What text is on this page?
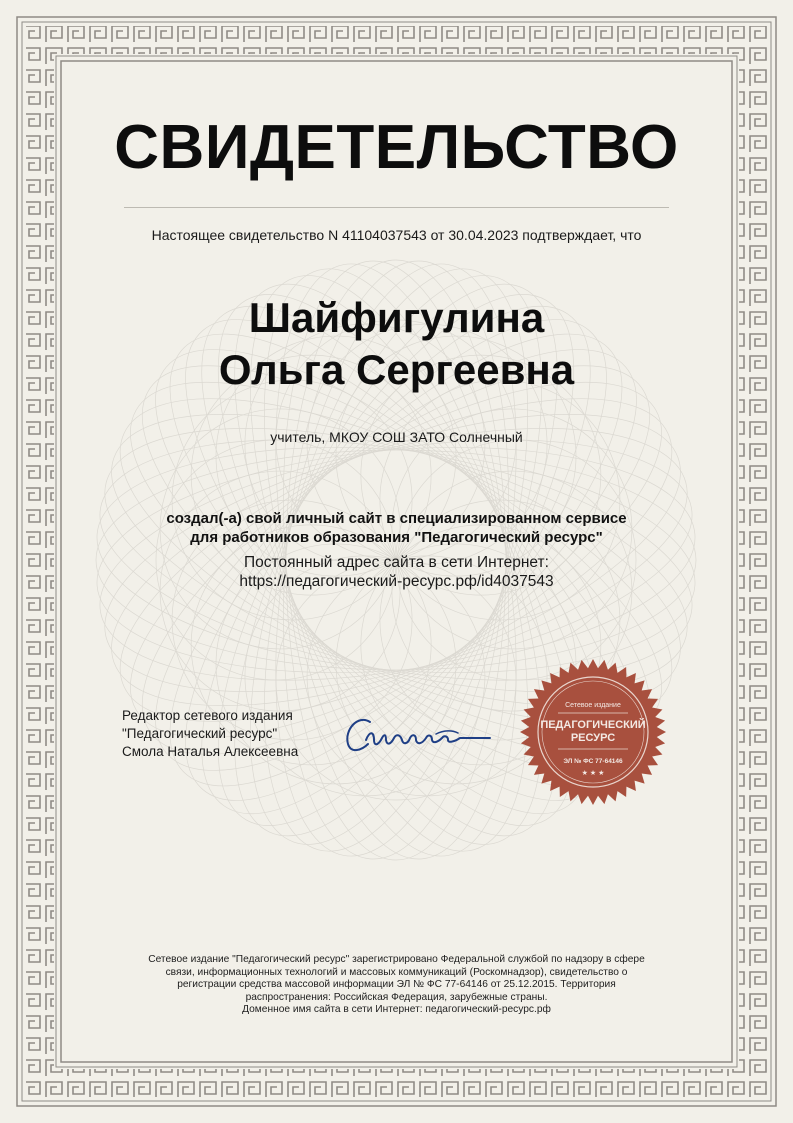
СВИДЕТЕЛЬСТВО
Настоящее свидетельство N 41104037543 от 30.04.2023 подтверждает, что
Шайфигулина
Ольга Сергеевна
учитель, МКОУ СОШ ЗАТО Солнечный
создал(-а) свой личный сайт в специализированном сервисе
для работников образования "Педагогический ресурс"
Постоянный адрес сайта в сети Интернет:
https://педагогический-ресурс.рф/id4037543
Редактор сетевого издания
"Педагогический ресурс"
Смола Наталья Алексеевна
Сетевое издание
ПЕДАГОГИЧЕСКИЙ
РЕСУРС
ЭЛ № ФС 77-64146
★ ★ ★
Сетевое издание "Педагогический ресурс" зарегистрировано Федеральной службой по надзору в сфере
связи, информационных технологий и массовых коммуникаций (Роскомнадзор), свидетельство о
регистрации средства массовой информации ЭЛ № ФС 77-64146 от 25.12.2015. Территория
распространения: Российская Федерация, зарубежные страны.
Доменное имя сайта в сети Интернет: педагогический-ресурс.рф
